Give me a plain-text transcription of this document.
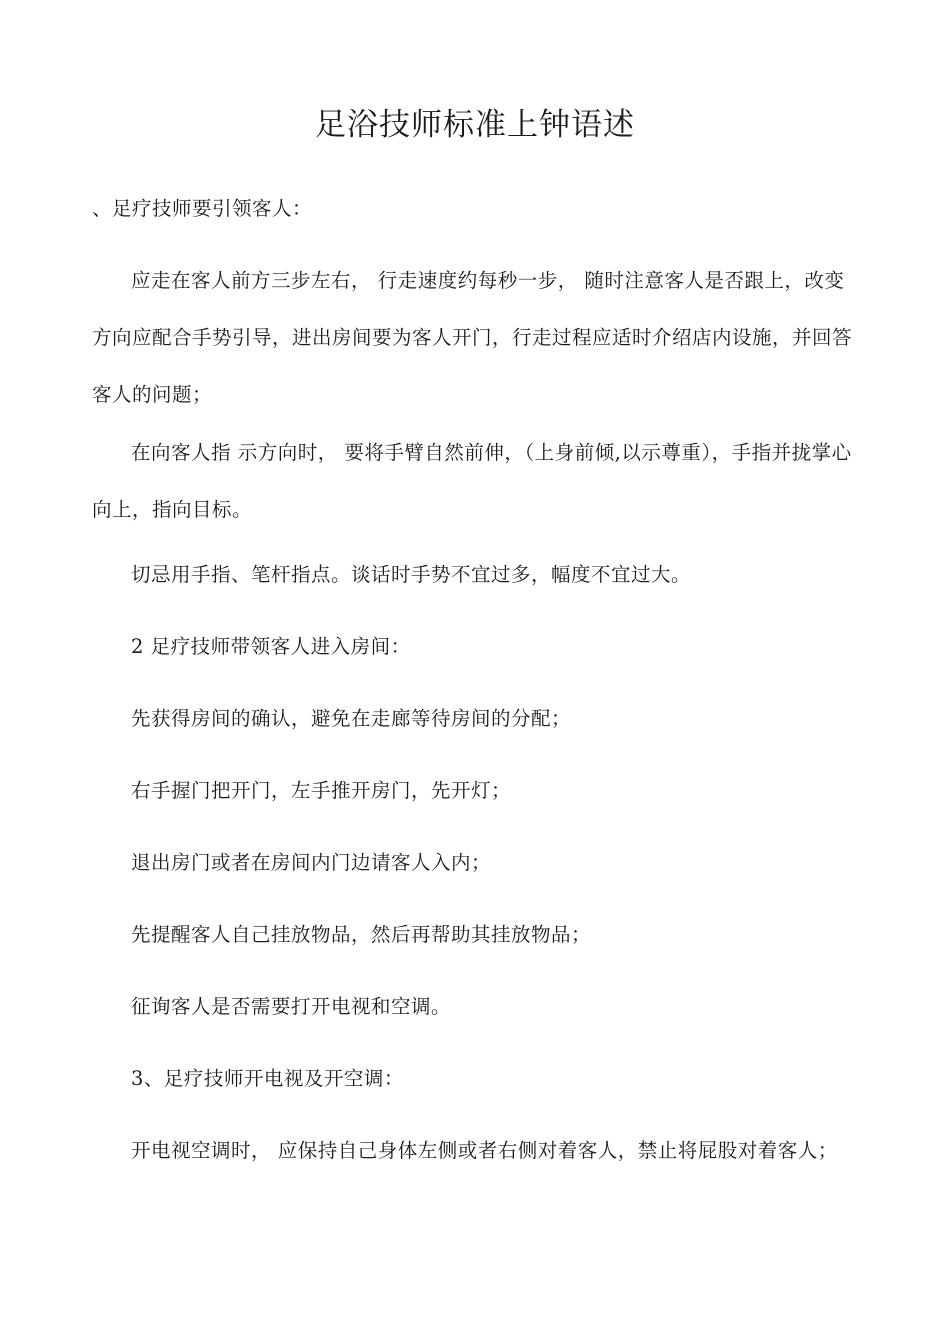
足浴技师标准上钟语述

、足疗技师要引领客人：

应走在客人前方三步左右， 行走速度约每秒一步， 随时注意客人是否跟上，改变方向应配合手势引导，进出房间要为客人开门，行走过程应适时介绍店内设施，并回答客人的问题；

在向客人指 示方向时， 要将手臂自然前伸，（上身前倾,以示尊重），手指并拢掌心向上，指向目标。

切忌用手指、笔杆指点。谈话时手势不宜过多，幅度不宜过大。

2 足疗技师带领客人进入房间：

先获得房间的确认，避免在走廊等待房间的分配；

右手握门把开门，左手推开房门，先开灯；

退出房门或者在房间内门边请客人入内；

先提醒客人自己挂放物品，然后再帮助其挂放物品；

征询客人是否需要打开电视和空调。

3、足疗技师开电视及开空调：

开电视空调时， 应保持自己身体左侧或者右侧对着客人，禁止将屁股对着客人；
